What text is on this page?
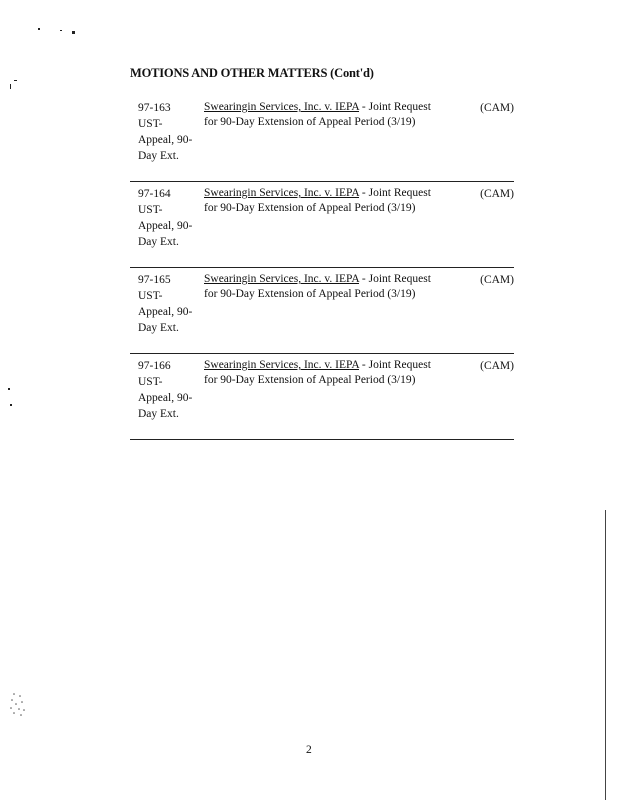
MOTIONS AND OTHER MATTERS (Cont'd)
97-163
UST-Appeal, 90-Day Ext.
Swearingin Services, Inc. v. IEPA - Joint Request for 90-Day Extension of Appeal Period (3/19)
(CAM)
97-164
UST-Appeal, 90-Day Ext.
Swearingin Services, Inc. v. IEPA - Joint Request for 90-Day Extension of Appeal Period (3/19)
(CAM)
97-165
UST-Appeal, 90-Day Ext.
Swearingin Services, Inc. v. IEPA - Joint Request for 90-Day Extension of Appeal Period (3/19)
(CAM)
97-166
UST-Appeal, 90-Day Ext.
Swearingin Services, Inc. v. IEPA - Joint Request for 90-Day Extension of Appeal Period (3/19)
(CAM)
2
